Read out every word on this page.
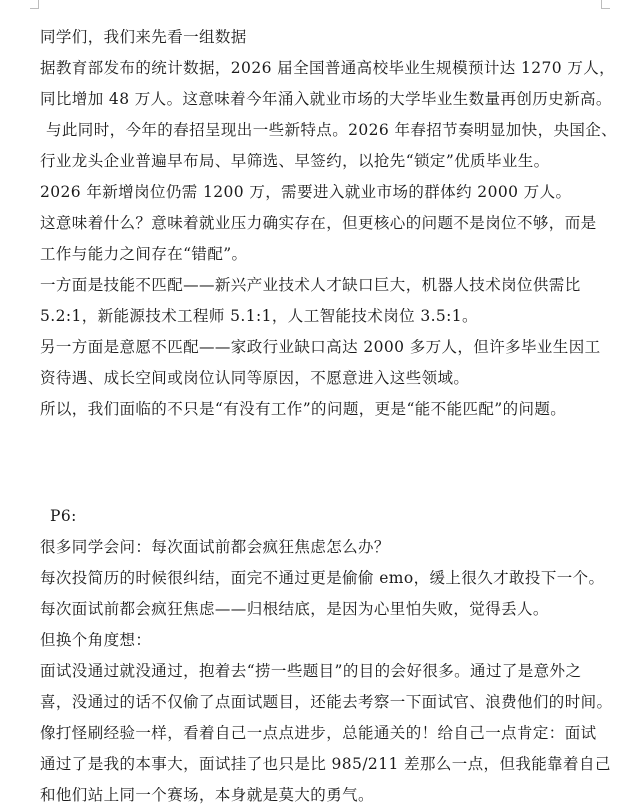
同学们，我们来先看一组数据

据教育部发布的统计数据，2026 届全国普通高校毕业生规模预计达 1270 万人，

同比增加 48 万人。这意味着今年涌入就业市场的大学毕业生数量再创历史新高。

与此同时，今年的春招呈现出一些新特点。2026 年春招节奏明显加快，央国企、

行业龙头企业普遍早布局、早筛选、早签约，以抢先“锁定”优质毕业生。

2026 年新增岗位仍需 1200 万，需要进入就业市场的群体约 2000 万人。

这意味着什么？意味着就业压力确实存在，但更核心的问题不是岗位不够，而是

工作与能力之间存在“错配”。

一方面是技能不匹配——新兴产业技术人才缺口巨大，机器人技术岗位供需比

5.2:1，新能源技术工程师 5.1:1，人工智能技术岗位 3.5:1。

另一方面是意愿不匹配——家政行业缺口高达 2000 多万人，但许多毕业生因工

资待遇、成长空间或岗位认同等原因，不愿意进入这些领域。

所以，我们面临的不只是“有没有工作”的问题，更是“能不能匹配”的问题。

P6:

很多同学会问：每次面试前都会疯狂焦虑怎么办？

每次投简历的时候很纠结，面完不通过更是偷偷 emo，缓上很久才敢投下一个。

每次面试前都会疯狂焦虑——归根结底，是因为心里怕失败，觉得丢人。

但换个角度想：

面试没通过就没通过，抱着去“捞一些题目”的目的会好很多。通过了是意外之

喜，没通过的话不仅偷了点面试题目，还能去考察一下面试官、浪费他们的时间。

像打怪刷经验一样，看着自己一点点进步，总能通关的！给自己一点肯定：面试

通过了是我的本事大，面试挂了也只是比 985/211 差那么一点，但我能靠着自己

和他们站上同一个赛场，本身就是莫大的勇气。
